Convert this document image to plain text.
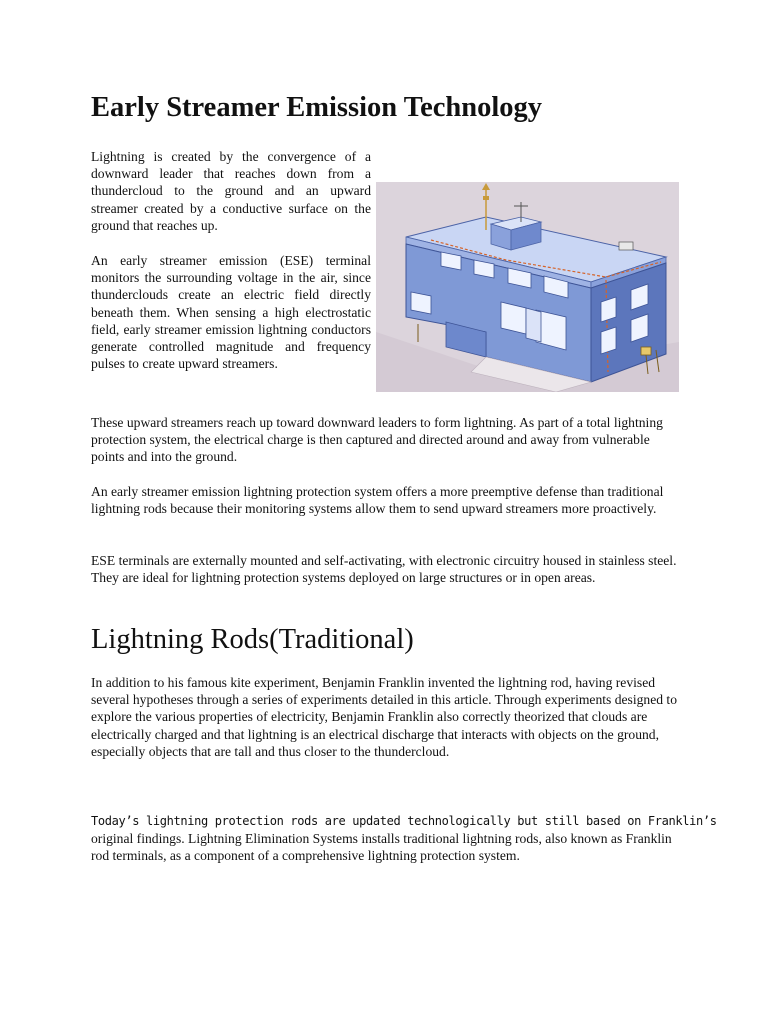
Early Streamer Emission Technology

Lightning is created by the convergence of a downward leader that reaches down from a thundercloud to the ground and an upward streamer created by a conductive surface on the ground that reaches up.

An early streamer emission (ESE) terminal monitors the surrounding voltage in the air, since thunderclouds create an electric field directly beneath them. When sensing a high electrostatic field, early streamer emission lightning conductors generate controlled magnitude and frequency pulses to create upward streamers.

These upward streamers reach up toward downward leaders to form lightning. As part of a total lightning protection system, the electrical charge is then captured and directed around and away from vulnerable points and into the ground.

An early streamer emission lightning protection system offers a more preemptive defense than traditional lightning rods because their monitoring systems allow them to send upward streamers more proactively.

ESE terminals are externally mounted and self-activating, with electronic circuitry housed in stainless steel. They are ideal for lightning protection systems deployed on large structures or in open areas.

Lightning Rods(Traditional)

In addition to his famous kite experiment, Benjamin Franklin invented the lightning rod, having revised several hypotheses through a series of experiments detailed in this article. Through experiments designed to explore the various properties of electricity, Benjamin Franklin also correctly theorized that clouds are electrically charged and that lightning is an electrical discharge that interacts with objects on the ground, especially objects that are tall and thus closer to the thundercloud.

Today’s lightning protection rods are updated technologically but still based on Franklin’s
original findings. Lightning Elimination Systems installs traditional lightning rods, also known as Franklin rod terminals, as a component of a comprehensive lightning protection system.
